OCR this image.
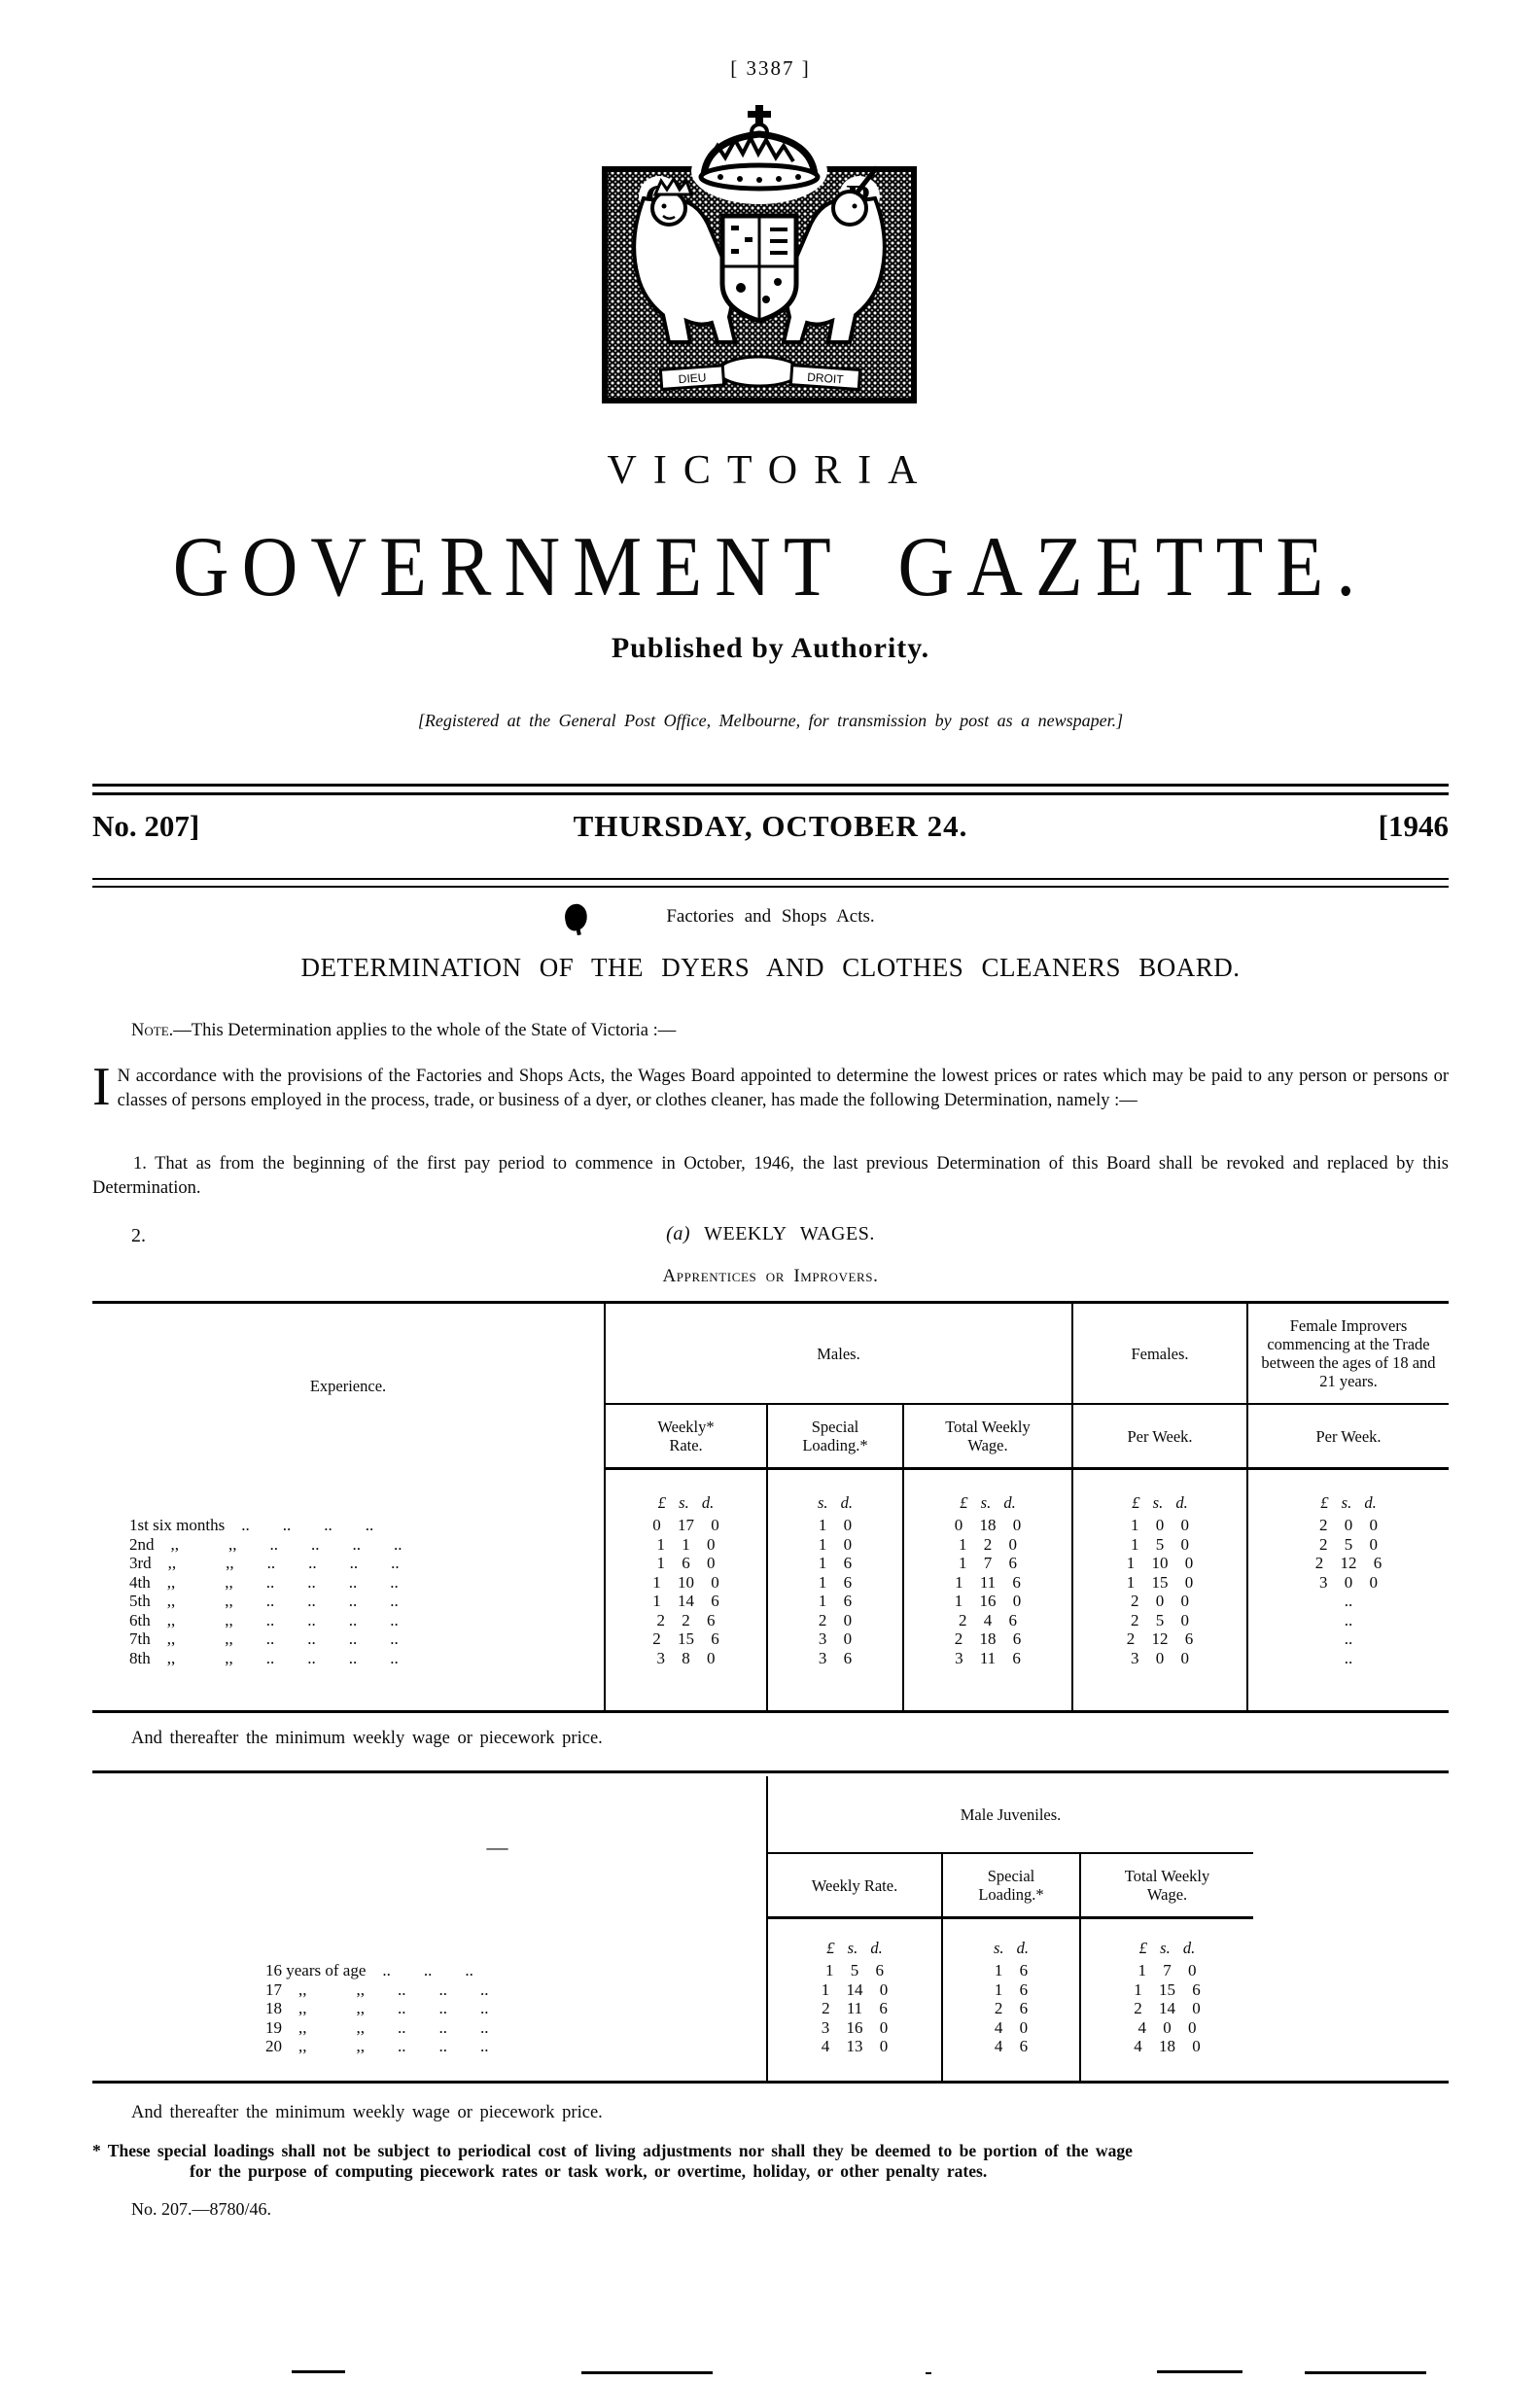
[ 3387 ]
DIEU	DROIT
VICTORIA
GOVERNMENT GAZETTE.
Published by Authority.
[Registered at the General Post Office, Melbourne, for transmission by post as a newspaper.]
No. 207]	THURSDAY, OCTOBER 24.	[1946
Factories and Shops Acts.
DETERMINATION OF THE DYERS AND CLOTHES CLEANERS BOARD.
Note.—This Determination applies to the whole of the State of Victoria :—
I N accordance with the provisions of the Factories and Shops Acts, the Wages Board appointed to determine the lowest prices or rates which may be paid to any person or persons or classes of persons employed in the process, trade, or business of a dyer, or clothes cleaner, has made the following Determination, namely :—
1. That as from the beginning of the first pay period to commence in October, 1946, the last previous Determination of this Board shall be revoked and replaced by this Determination.
2.	(a) WEEKLY WAGES.
Apprentices or Improvers.
Experience.	Males.			Females.	Female Improvers commencing at the Trade between the ages of 18 and 21 years.
	Weekly* Rate.	Special Loading.*	Total Weekly Wage.	Per Week.	Per Week.
	£ s. d.	s. d.	£ s. d.	£ s. d.	£ s. d.
1st six months ..  ..  ..  ..	0 17 0	1 0	0 18 0	1 0 0	2 0 0
2nd ,,   ,,  ..  ..  ..  ..	1 1 0	1 0	1 2 0	1 5 0	2 5 0
3rd ,,   ,,  ..  ..  ..  ..	1 6 0	1 6	1 7 6	1 10 0	2 12 6
4th ,,   ,,  ..  ..  ..  ..	1 10 0	1 6	1 11 6	1 15 0	3 0 0
5th ,,   ,,  ..  ..  ..  ..	1 14 6	1 6	1 16 0	2 0 0	..
6th ,,   ,,  ..  ..  ..  ..	2 2 6	2 0	2 4 6	2 5 0	..
7th ,,   ,,  ..  ..  ..  ..	2 15 6	3 0	2 18 6	2 12 6	..
8th ,,   ,,  ..  ..  ..  ..	3 8 0	3 6	3 11 6	3 0 0	..
And thereafter the minimum weekly wage or piecework price.
—	Male Juveniles.		
	Weekly Rate.	Special Loading.*	Total Weekly Wage.
	£ s. d.	s. d.	£ s. d.
16 years of age ..  ..  ..	1 5 6	1 6	1 7 0
17 ,,   ,,  ..  ..  ..	1 14 0	1 6	1 15 6
18 ,,   ,,  ..  ..  ..	2 11 6	2 6	2 14 0
19 ,,   ,,  ..  ..  ..	3 16 0	4 0	4 0 0
20 ,,   ,,  ..  ..  ..	4 13 0	4 6	4 18 0
And thereafter the minimum weekly wage or piecework price.
* These special loadings shall not be subject to periodical cost of living adjustments nor shall they be deemed to be portion of the wage
for the purpose of computing piecework rates or task work, or overtime, holiday, or other penalty rates.
No. 207.—8780/46.
